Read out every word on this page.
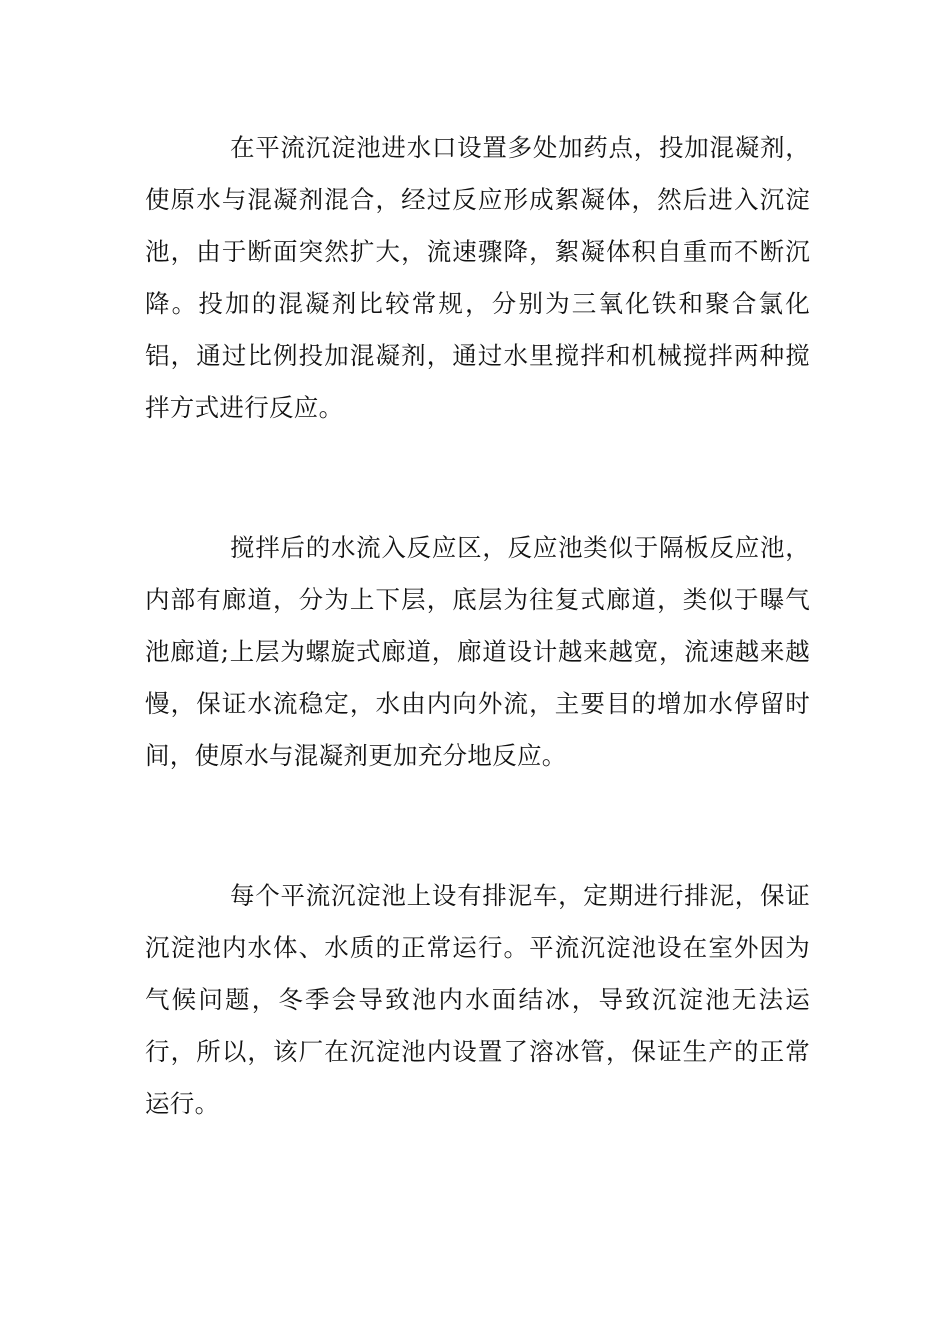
在平流沉淀池进水口设置多处加药点，投加混凝剂，使原水与混凝剂混合，经过反应形成絮凝体，然后进入沉淀池，由于断面突然扩大，流速骤降，絮凝体积自重而不断沉降。投加的混凝剂比较常规，分别为三氧化铁和聚合氯化铝，通过比例投加混凝剂，通过水里搅拌和机械搅拌两种搅拌方式进行反应。

搅拌后的水流入反应区，反应池类似于隔板反应池，内部有廊道，分为上下层，底层为往复式廊道，类似于曝气池廊道;上层为螺旋式廊道，廊道设计越来越宽，流速越来越慢，保证水流稳定，水由内向外流，主要目的增加水停留时间，使原水与混凝剂更加充分地反应。

每个平流沉淀池上设有排泥车，定期进行排泥，保证沉淀池内水体、水质的正常运行。平流沉淀池设在室外因为气候问题，冬季会导致池内水面结冰，导致沉淀池无法运行，所以，该厂在沉淀池内设置了溶冰管，保证生产的正常运行。
